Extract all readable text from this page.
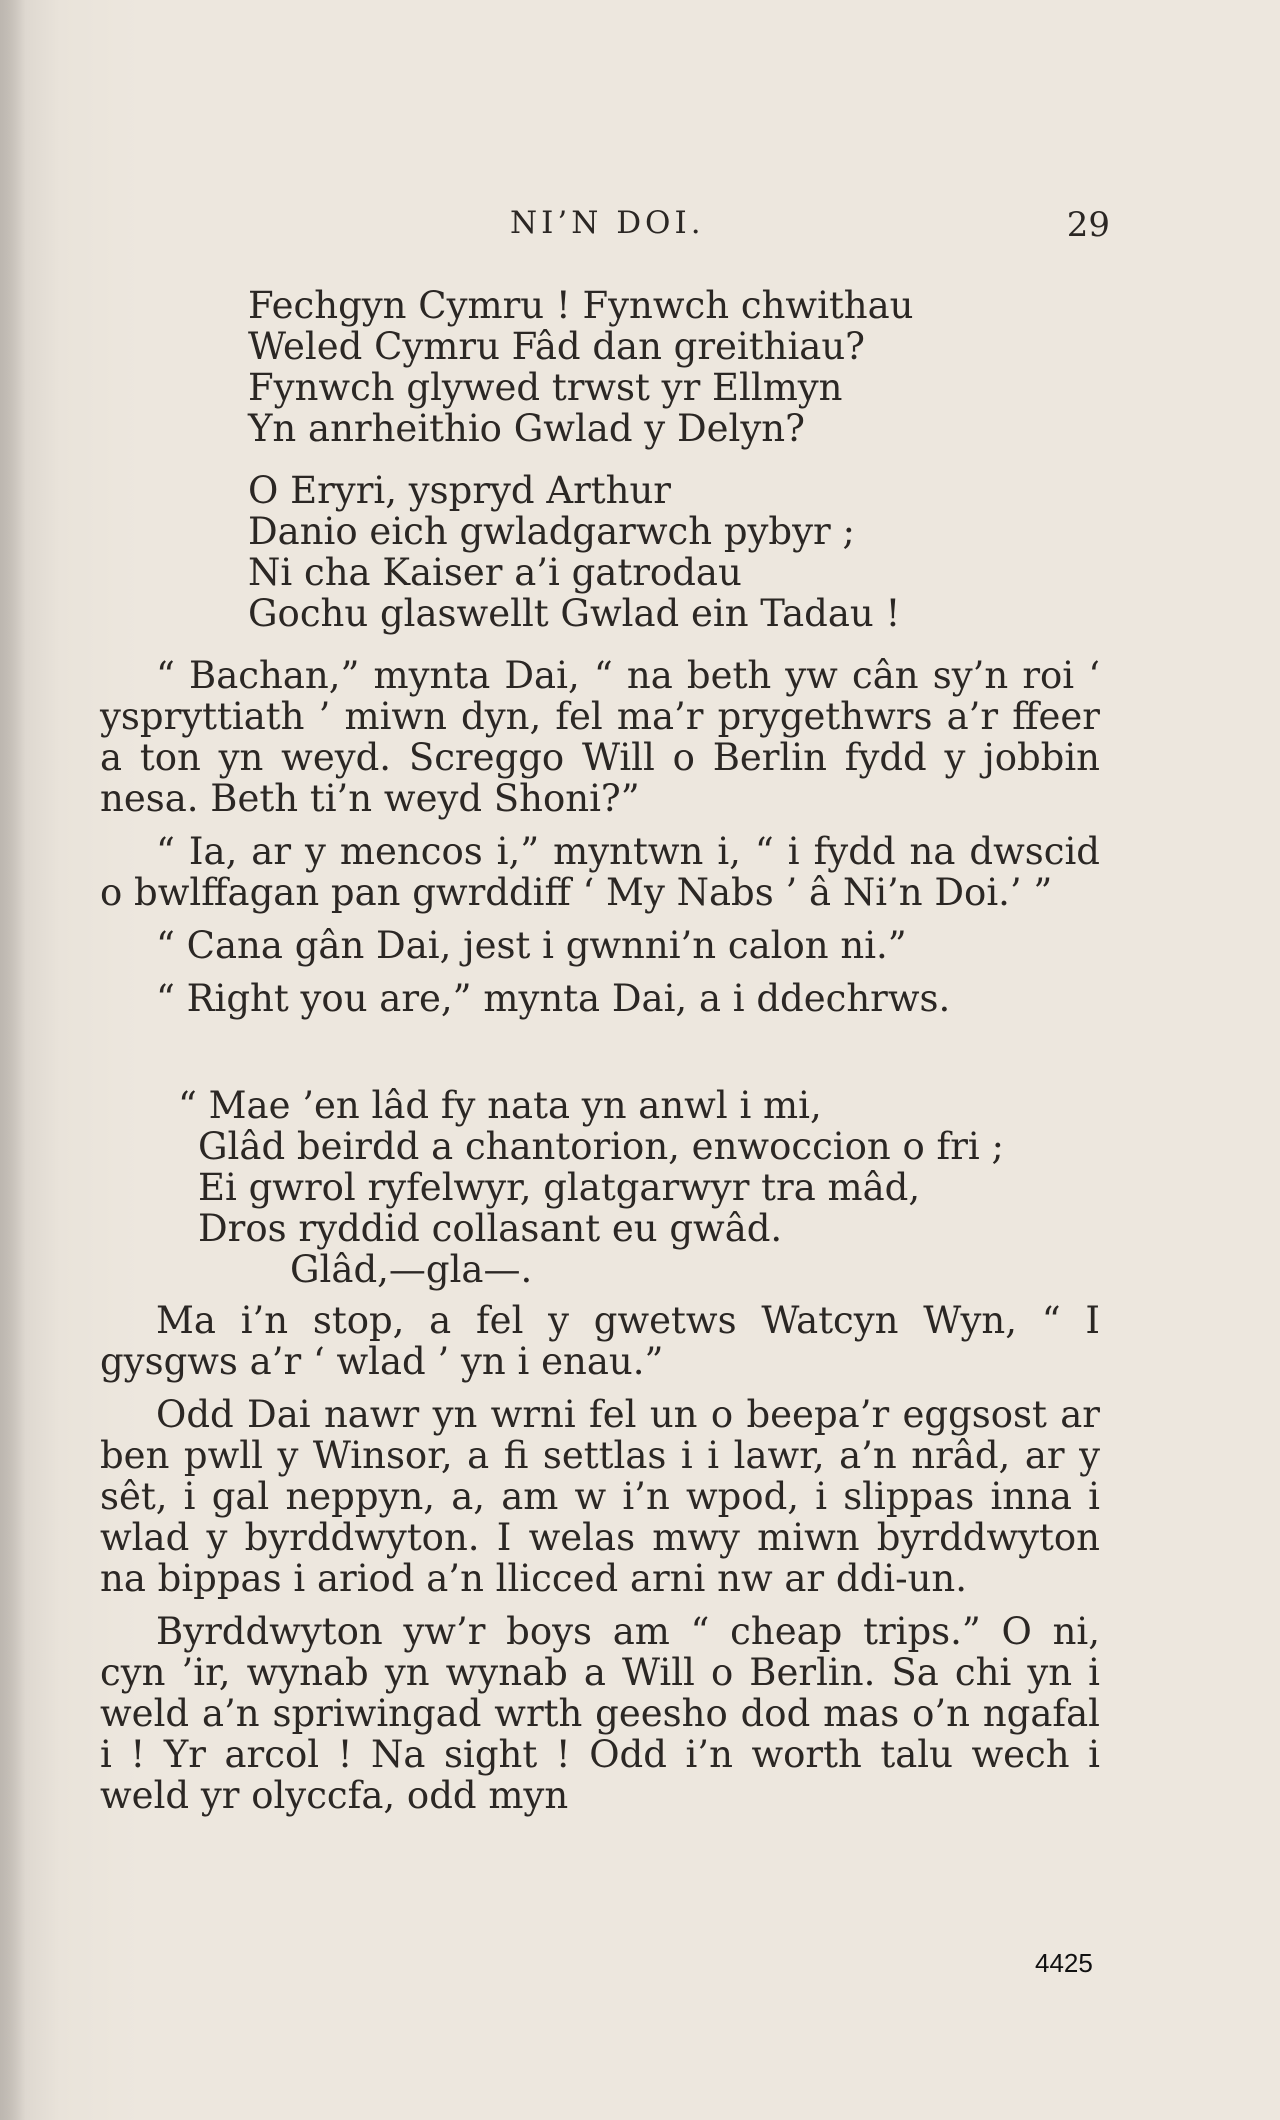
NI’N DOI.	29
Fechgyn Cymru ! Fynwch chwithau
Weled Cymru Fâd dan greithiau?
Fynwch glywed trwst yr Ellmyn
Yn anrheithio Gwlad y Delyn?
O Eryri, yspryd Arthur
Danio eich gwladgarwch pybyr ;
Ni cha Kaiser a’i gatrodau
Gochu glaswellt Gwlad ein Tadau !

“ Bachan,” mynta Dai, “ na beth yw cân sy’n roi ‘ yspryttiath ’ miwn dyn, fel ma’r prygethwrs a’r ffeer a ton yn weyd. Screggo Will o Berlin fydd y jobbin nesa. Beth ti’n weyd Shoni?”

“ Ia, ar y mencos i,” myntwn i, “ i fydd na dwscid o bwlffagan pan gwrddiff ‘ My Nabs ’ â Ni’n Doi.’ ”

“ Cana gân Dai, jest i gwnni’n calon ni.”

“ Right you are,” mynta Dai, a i ddechrws.

“ Mae ’en lâd fy nata yn anwl i mi,
Glâd beirdd a chantorion, enwoccion o fri ;
Ei gwrol ryfelwyr, glatgarwyr tra mâd,
Dros ryddid collasant eu gwâd.
Glâd,—gla—.

Ma i’n stop, a fel y gwetws Watcyn Wyn, “ I gysgws a’r ‘ wlad ’ yn i enau.”

Odd Dai nawr yn wrni fel un o beepa’r eggsost ar ben pwll y Winsor, a fi settlas i i lawr, a’n nrâd, ar y sêt, i gal neppyn, a, am w i’n wpod, i slippas inna i wlad y byrddwyton. I welas mwy miwn byrddwyton na bippas i ariod a’n llicced arni nw ar ddi-un.

Byrddwyton yw’r boys am “ cheap trips.” O ni, cyn ’ir, wynab yn wynab a Will o Berlin. Sa chi yn i weld a’n spriwingad wrth geesho dod mas o’n ngafal i ! Yr arcol ! Na sight ! Odd i’n worth talu wech i weld yr olyccfa, odd myn

4425
